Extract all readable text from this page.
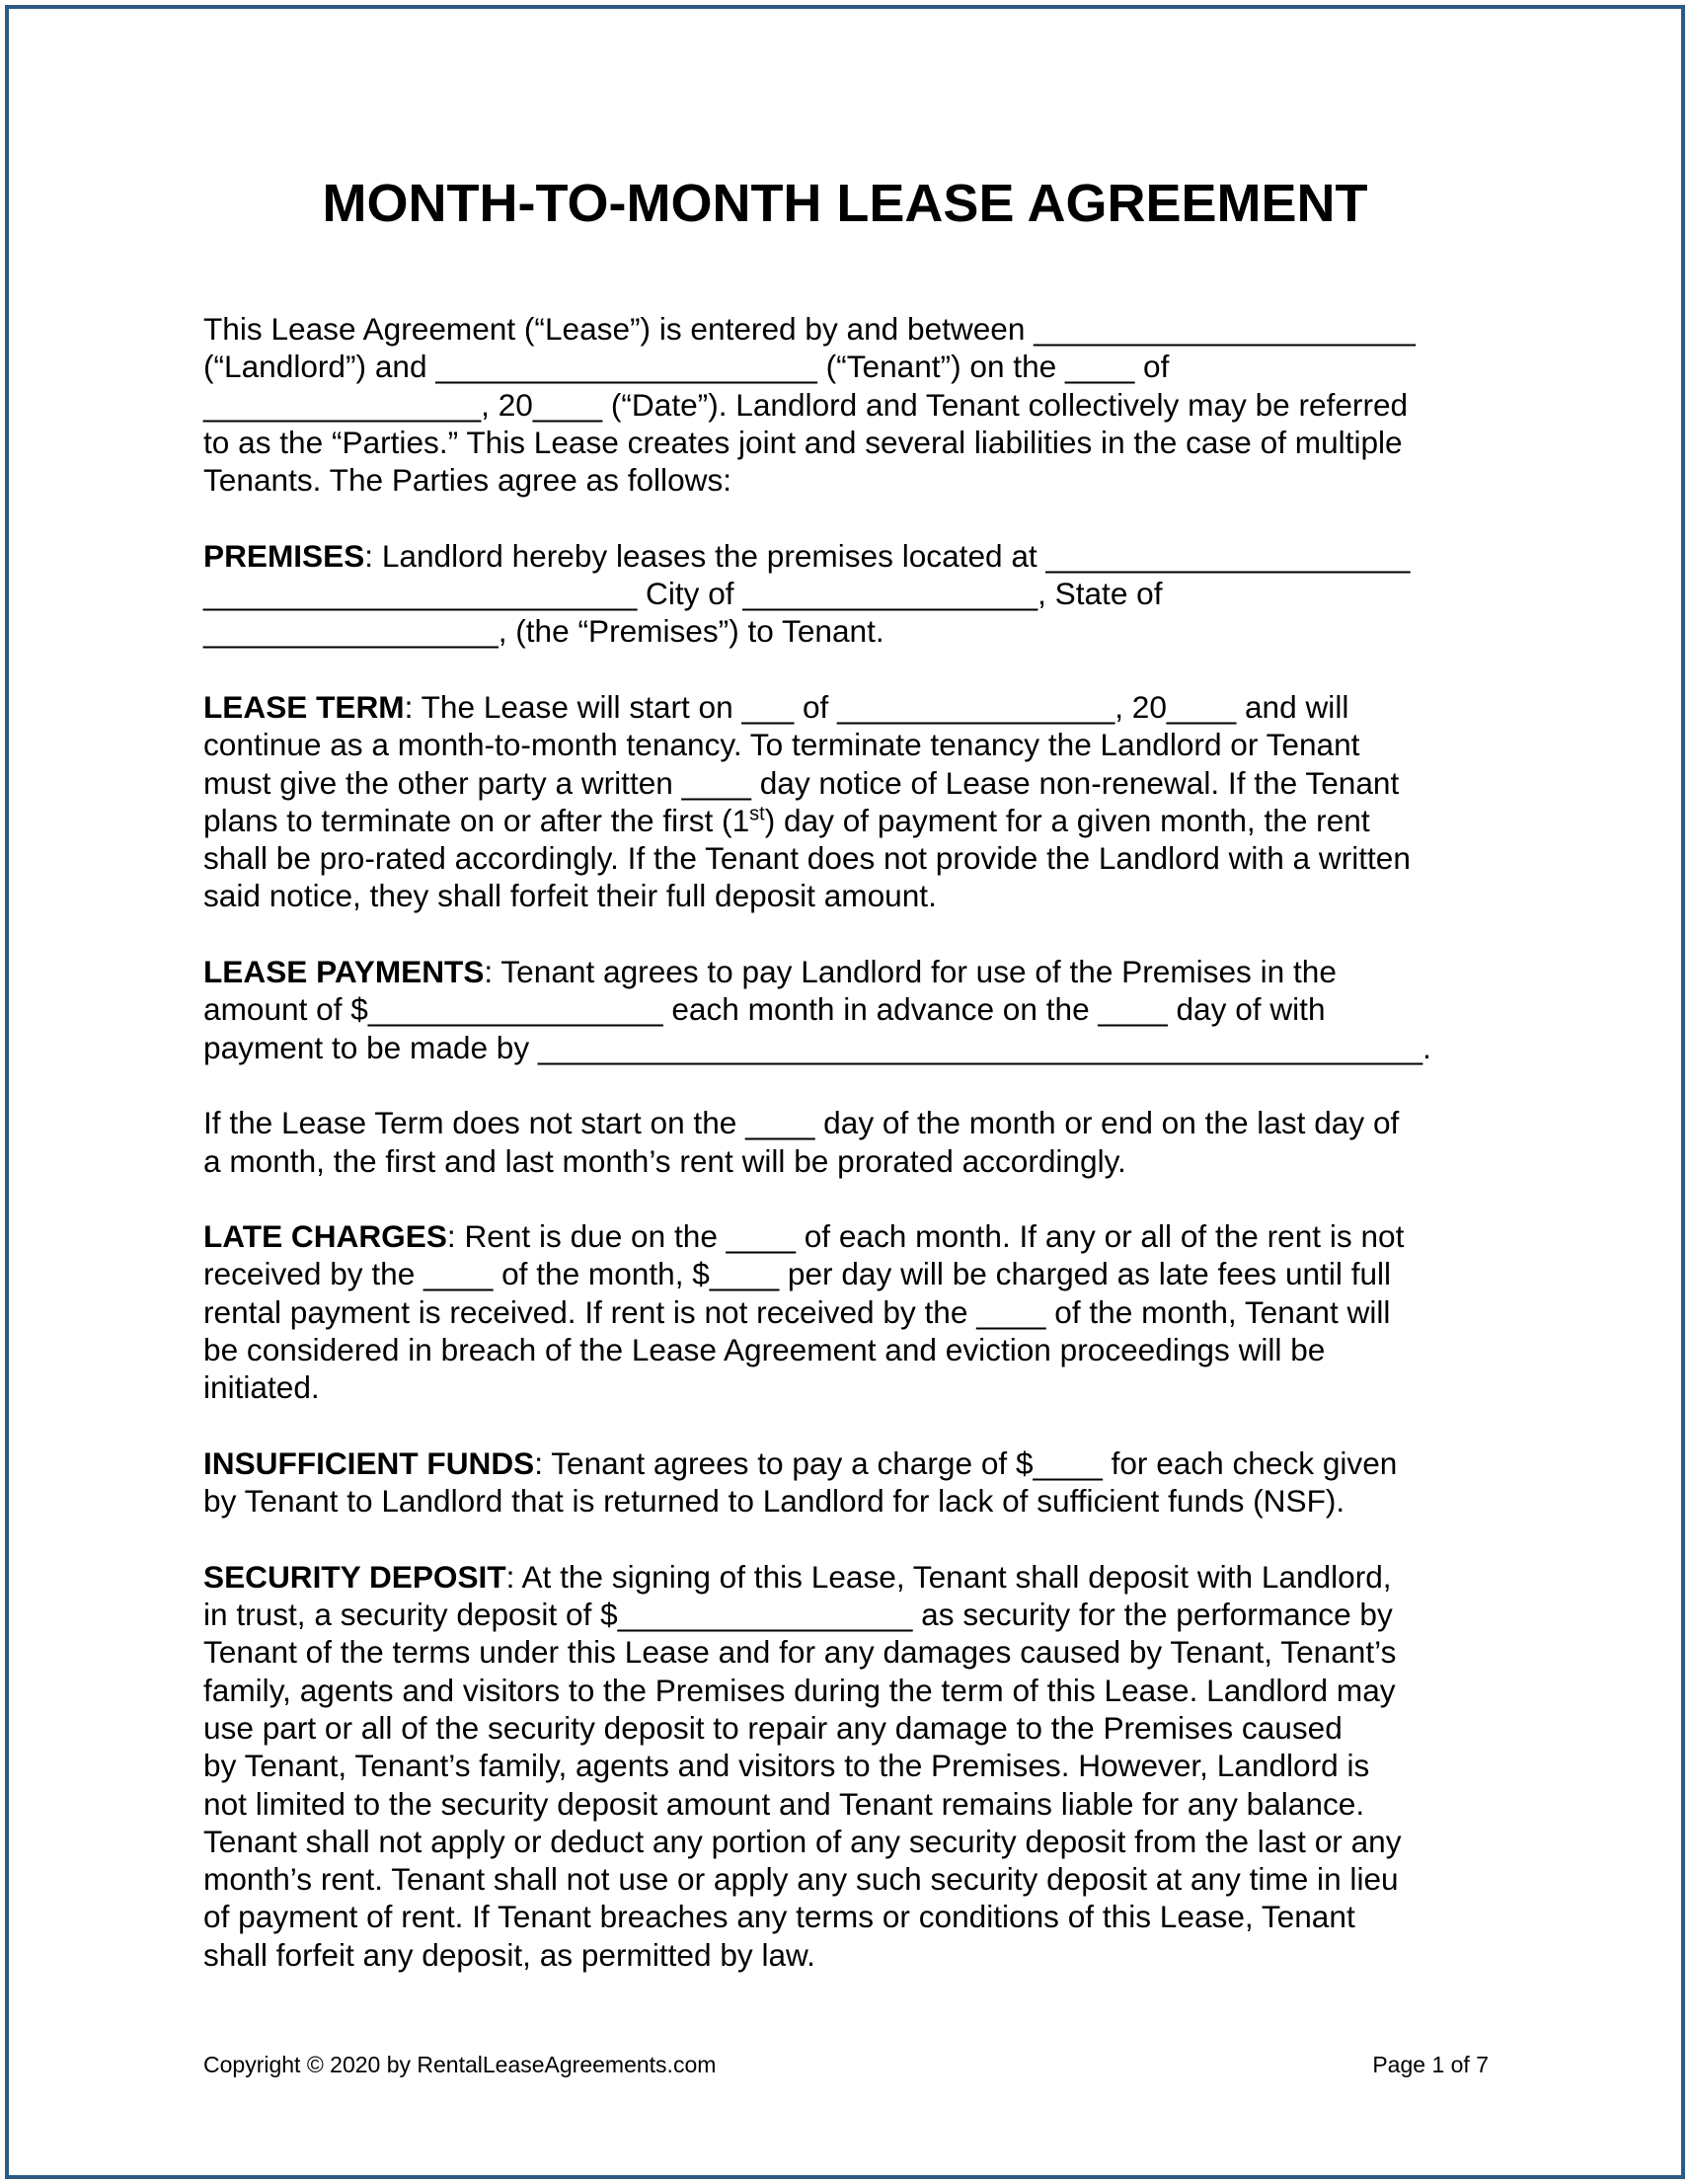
MONTH-TO-MONTH LEASE AGREEMENT

This Lease Agreement (“Lease”) is entered by and between ______________________
(“Landlord”) and ______________________ (“Tenant”) on the ____ of
________________, 20____ (“Date”). Landlord and Tenant collectively may be referred
to as the “Parties.” This Lease creates joint and several liabilities in the case of multiple
Tenants. The Parties agree as follows:

PREMISES: Landlord hereby leases the premises located at _____________________
_________________________ City of _________________, State of
_________________, (the “Premises”) to Tenant.

LEASE TERM: The Lease will start on ___ of ________________, 20____ and will
continue as a month-to-month tenancy. To terminate tenancy the Landlord or Tenant
must give the other party a written ____ day notice of Lease non-renewal. If the Tenant
plans to terminate on or after the first (1st) day of payment for a given month, the rent
shall be pro-rated accordingly. If the Tenant does not provide the Landlord with a written
said notice, they shall forfeit their full deposit amount.

LEASE PAYMENTS: Tenant agrees to pay Landlord for use of the Premises in the
amount of $_________________ each month in advance on the ____ day of with
payment to be made by ___________________________________________________.

If the Lease Term does not start on the ____ day of the month or end on the last day of
a month, the first and last month’s rent will be prorated accordingly.

LATE CHARGES: Rent is due on the ____ of each month. If any or all of the rent is not
received by the ____ of the month, $____ per day will be charged as late fees until full
rental payment is received. If rent is not received by the ____ of the month, Tenant will
be considered in breach of the Lease Agreement and eviction proceedings will be
initiated.

INSUFFICIENT FUNDS: Tenant agrees to pay a charge of $____ for each check given
by Tenant to Landlord that is returned to Landlord for lack of sufficient funds (NSF).

SECURITY DEPOSIT: At the signing of this Lease, Tenant shall deposit with Landlord,
in trust, a security deposit of $_________________ as security for the performance by
Tenant of the terms under this Lease and for any damages caused by Tenant, Tenant’s
family, agents and visitors to the Premises during the term of this Lease. Landlord may
use part or all of the security deposit to repair any damage to the Premises caused
by Tenant, Tenant’s family, agents and visitors to the Premises. However, Landlord is
not limited to the security deposit amount and Tenant remains liable for any balance.
Tenant shall not apply or deduct any portion of any security deposit from the last or any
month’s rent. Tenant shall not use or apply any such security deposit at any time in lieu
of payment of rent. If Tenant breaches any terms or conditions of this Lease, Tenant
shall forfeit any deposit, as permitted by law.

Copyright © 2020 by RentalLeaseAgreements.com	Page 1 of 7
